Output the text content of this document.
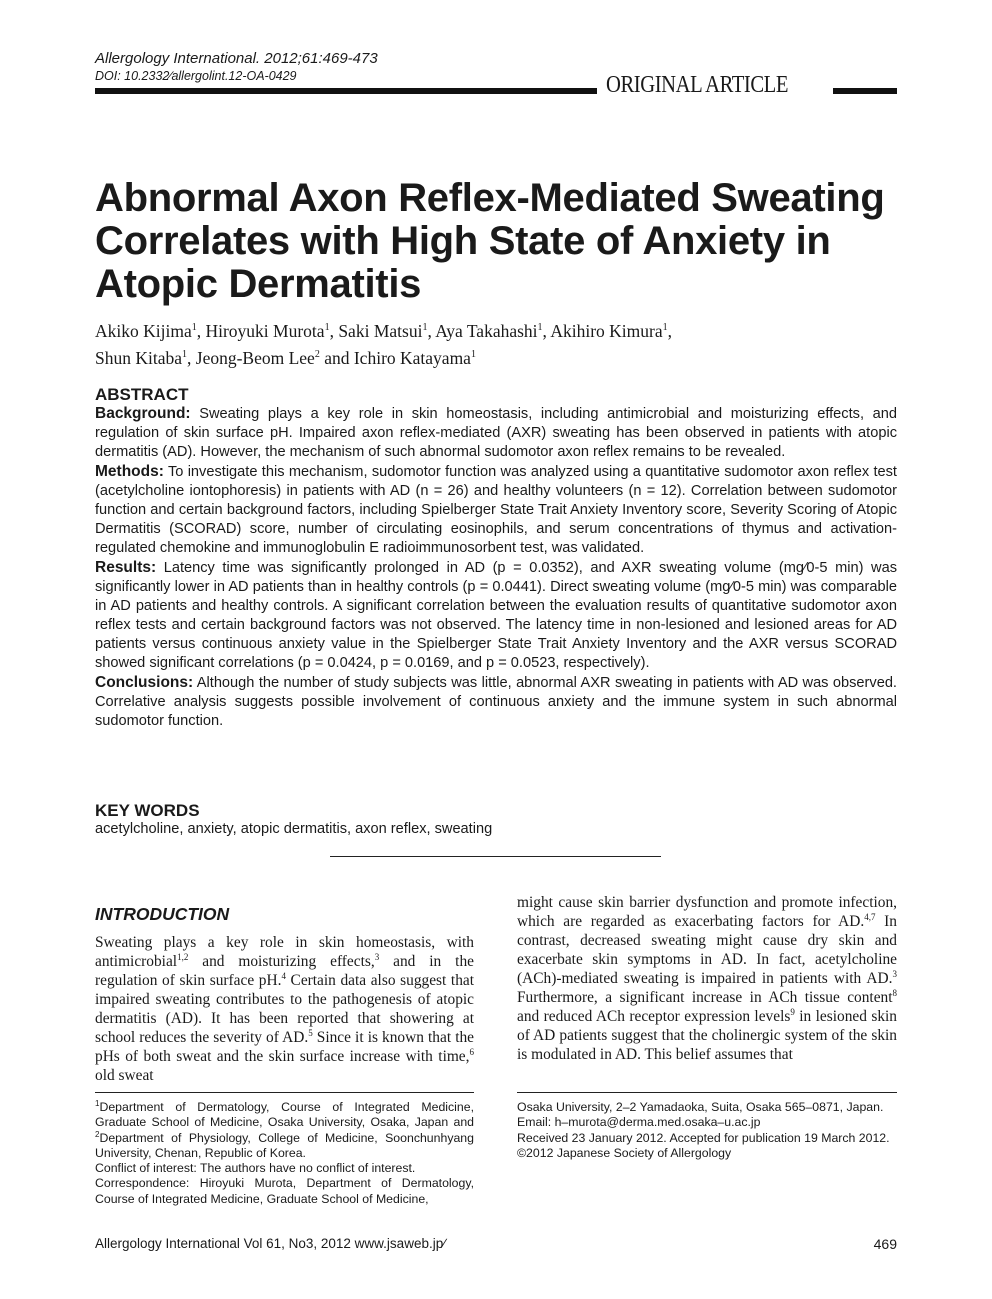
Allergology International. 2012;61:469-473
DOI: 10.2332∕allergolint.12-OA-0429	ORIGINAL ARTICLE
Abnormal Axon Reflex-Mediated Sweating Correlates with High State of Anxiety in Atopic Dermatitis
Akiko Kijima$^1$, Hiroyuki Murota$^1$, Saki Matsui$^1$, Aya Takahashi$^1$, Akihiro Kimura$^1$,
Shun Kitaba$^1$, Jeong-Beom Lee$^2$ and Ichiro Katayama$^1$
ABSTRACT

Background: Sweating plays a key role in skin homeostasis, including antimicrobial and moisturizing effects, and regulation of skin surface pH. Impaired axon reflex-mediated (AXR) sweating has been observed in patients with atopic dermatitis (AD). However, the mechanism of such abnormal sudomotor axon reflex remains to be revealed.

Methods: To investigate this mechanism, sudomotor function was analyzed using a quantitative sudomotor axon reflex test (acetylcholine iontophoresis) in patients with AD (n = 26) and healthy volunteers (n = 12). Correlation between sudomotor function and certain background factors, including Spielberger State Trait Anxiety Inventory score, Severity Scoring of Atopic Dermatitis (SCORAD) score, number of circulating eosinophils, and serum concentrations of thymus and activation-regulated chemokine and immunoglobulin E radioimmunosorbent test, was validated.

Results: Latency time was significantly prolonged in AD (p = 0.0352), and AXR sweating volume (mg∕0-5 min) was significantly lower in AD patients than in healthy controls (p = 0.0441). Direct sweating volume (mg∕0-5 min) was comparable in AD patients and healthy controls. A significant correlation between the evaluation results of quantitative sudomotor axon reflex tests and certain background factors was not observed. The latency time in non-lesioned and lesioned areas for AD patients versus continuous anxiety value in the Spielberger State Trait Anxiety Inventory and the AXR versus SCORAD showed significant correlations (p = 0.0424, p = 0.0169, and p = 0.0523, respectively).

Conclusions: Although the number of study subjects was little, abnormal AXR sweating in patients with AD was observed. Correlative analysis suggests possible involvement of continuous anxiety and the immune system in such abnormal sudomotor function.

KEY WORDS
acetylcholine, anxiety, atopic dermatitis, axon reflex, sweating
INTRODUCTION
Sweating plays a key role in skin homeostasis, with antimicrobial$^{1,2}$ and moisturizing effects,$^3$ and in the regulation of skin surface pH.$^4$ Certain data also suggest that impaired sweating contributes to the pathogenesis of atopic dermatitis (AD). It has been reported that showering at school reduces the severity of AD.$^5$ Since it is known that the pHs of both sweat and the skin surface increase with time,$^6$ old sweat
might cause skin barrier dysfunction and promote infection, which are regarded as exacerbating factors for AD.$^{4,7}$ In contrast, decreased sweating might cause dry skin and exacerbate skin symptoms in AD. In fact, acetylcholine (ACh)-mediated sweating is impaired in patients with AD.$^3$ Furthermore, a significant increase in ACh tissue content$^8$ and reduced ACh receptor expression levels$^9$ in lesioned skin of AD patients suggest that the cholinergic system of the skin is modulated in AD. This belief assumes that
$^1$Department of Dermatology, Course of Integrated Medicine, Graduate School of Medicine, Osaka University, Osaka, Japan and $^2$Department of Physiology, College of Medicine, Soonchunhyang University, Chenan, Republic of Korea.
Conflict of interest: The authors have no conflict of interest.
Correspondence: Hiroyuki Murota, Department of Dermatology, Course of Integrated Medicine, Graduate School of Medicine,
Osaka University, 2–2 Yamadaoka, Suita, Osaka 565–0871, Japan.
Email: h–murota@derma.med.osaka–u.ac.jp
Received 23 January 2012. Accepted for publication 19 March 2012.
©2012 Japanese Society of Allergology
Allergology International Vol 61, No3, 2012 www.jsaweb.jp∕	469
